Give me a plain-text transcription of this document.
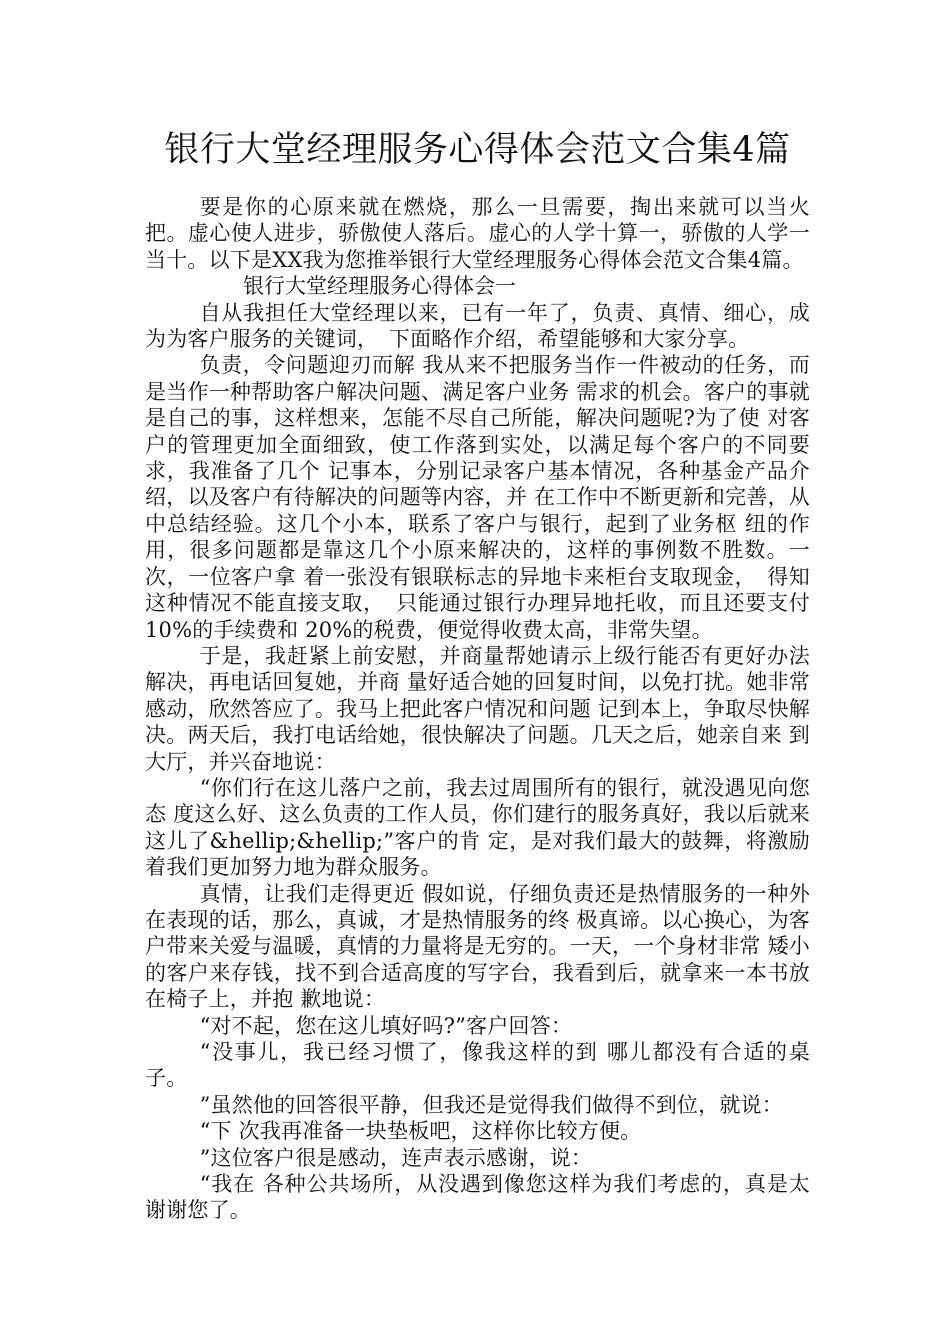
银行大堂经理服务心得体会范文合集4篇

要是你的心原来就在燃烧，那么一旦需要，掏出来就可以当火把。虚心使人进步，骄傲使人落后。虚心的人学十算一，骄傲的人学一当十。以下是XX我为您推举银行大堂经理服务心得体会范文合集4篇。

银行大堂经理服务心得体会一

自从我担任大堂经理以来，已有一年了，负责、真情、细心，成为为客户服务的关键词，　下面略作介绍，希望能够和大家分享。

负责，令问题迎刃而解 我从来不把服务当作一件被动的任务，而是当作一种帮助客户解决问题、满足客户业务 需求的机会。客户的事就是自己的事，这样想来，怎能不尽自己所能，解决问题呢?为了使 对客户的管理更加全面细致，使工作落到实处，以满足每个客户的不同要求，我准备了几个 记事本，分别记录客户基本情况，各种基金产品介绍，以及客户有待解决的问题等内容，并 在工作中不断更新和完善，从中总结经验。这几个小本，联系了客户与银行，起到了业务枢 纽的作用，很多问题都是靠这几个小原来解决的，这样的事例数不胜数。一次，一位客户拿 着一张没有银联标志的异地卡来柜台支取现金，　得知这种情况不能直接支取，　只能通过银行办理异地托收，而且还要支付 10%的手续费和 20%的税费，便觉得收费太高，非常失望。

于是，我赶紧上前安慰，并商量帮她请示上级行能否有更好办法解决，再电话回复她，并商 量好适合她的回复时间，以免打扰。她非常感动，欣然答应了。我马上把此客户情况和问题 记到本上，争取尽快解决。两天后，我打电话给她，很快解决了问题。几天之后，她亲自来 到大厅，并兴奋地说：

“你们行在这儿落户之前，我去过周围所有的银行，就没遇见向您态 度这么好、这么负责的工作人员，你们建行的服务真好，我以后就来这儿了&hellip;&hellip;”客户的肯 定，是对我们最大的鼓舞，将激励着我们更加努力地为群众服务。

真情，让我们走得更近 假如说，仔细负责还是热情服务的一种外在表现的话，那么，真诚，才是热情服务的终 极真谛。以心换心，为客户带来关爱与温暖，真情的力量将是无穷的。一天，一个身材非常 矮小的客户来存钱，找不到合适高度的写字台，我看到后，就拿来一本书放在椅子上，并抱 歉地说：

“对不起，您在这儿填好吗?”客户回答：

“没事儿，我已经习惯了，像我这样的到 哪儿都没有合适的桌子。

”虽然他的回答很平静，但我还是觉得我们做得不到位，就说：

“下 次我再准备一块垫板吧，这样你比较方便。

”这位客户很是感动，连声表示感谢，说：

“我在 各种公共场所，从没遇到像您这样为我们考虑的，真是太谢谢您了。
